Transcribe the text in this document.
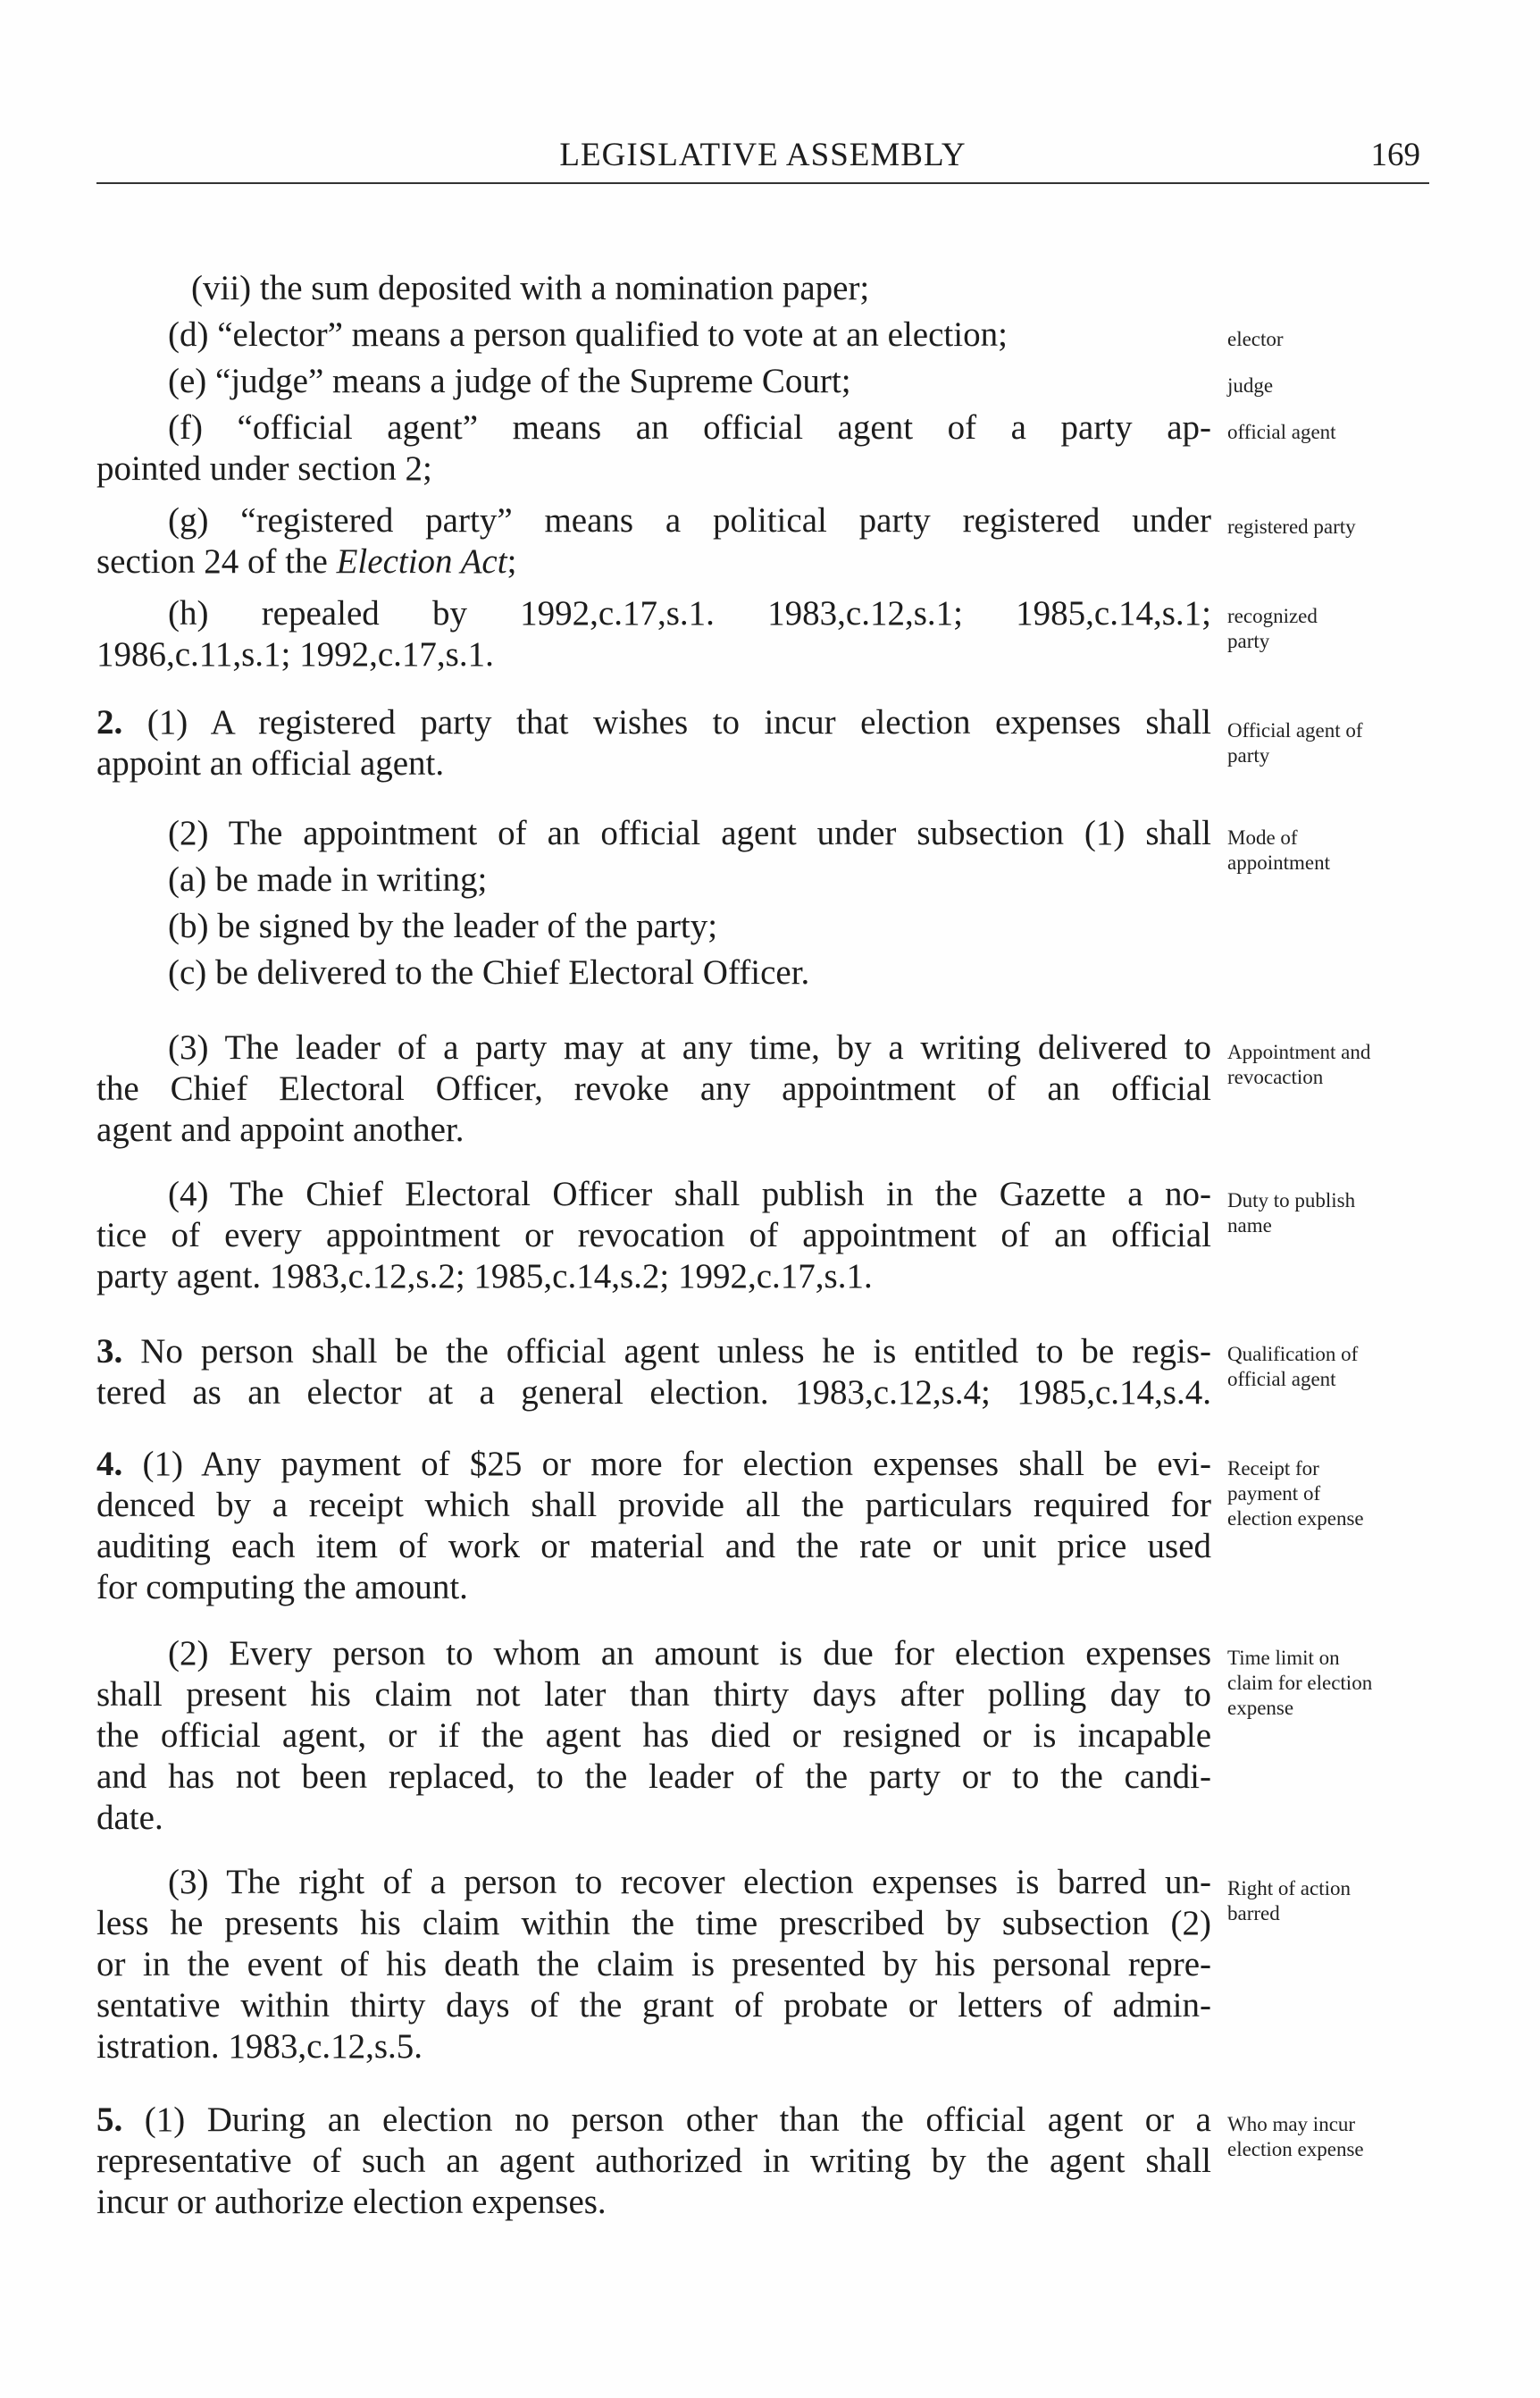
LEGISLATIVE ASSEMBLY	169
(vii) the sum deposited with a nomination paper;
(d) “elector” means a person qualified to vote at an election;	elector
(e) “judge” means a judge of the Supreme Court;	judge
(f) “official agent” means an official agent of a party ap-
pointed under section 2;
official agent
(g) “registered party” means a political party registered under
section 24 of the Election Act;
registered party
(h) repealed by 1992,c.17,s.1. 1983,c.12,s.1; 1985,c.14,s.1;
1986,c.11,s.1; 1992,c.17,s.1.
recognized
party
2. (1) A registered party that wishes to incur election expenses shall
appoint an official agent.
Official agent of
party
(2) The appointment of an official agent under subsection (1) shall
(a) be made in writing;
(b) be signed by the leader of the party;
(c) be delivered to the Chief Electoral Officer.
Mode of
appointment
(3) The leader of a party may at any time, by a writing delivered to
the Chief Electoral Officer, revoke any appointment of an official
agent and appoint another.
Appointment and
revocaction
(4) The Chief Electoral Officer shall publish in the Gazette a no-
tice of every appointment or revocation of appointment of an official
party agent. 1983,c.12,s.2; 1985,c.14,s.2; 1992,c.17,s.1.
Duty to publish
name
3. No person shall be the official agent unless he is entitled to be regis-
tered as an elector at a general election. 1983,c.12,s.4; 1985,c.14,s.4.
Qualification of
official agent
4. (1) Any payment of $25 or more for election expenses shall be evi-
denced by a receipt which shall provide all the particulars required for
auditing each item of work or material and the rate or unit price used
for computing the amount.
Receipt for
payment of
election expense
(2) Every person to whom an amount is due for election expenses
shall present his claim not later than thirty days after polling day to
the official agent, or if the agent has died or resigned or is incapable
and has not been replaced, to the leader of the party or to the candi-
date.
Time limit on
claim for election
expense
(3) The right of a person to recover election expenses is barred un-
less he presents his claim within the time prescribed by subsection (2)
or in the event of his death the claim is presented by his personal repre-
sentative within thirty days of the grant of probate or letters of admin-
istration. 1983,c.12,s.5.
Right of action
barred
5. (1) During an election no person other than the official agent or a
representative of such an agent authorized in writing by the agent shall
incur or authorize election expenses.
Who may incur
election expense
